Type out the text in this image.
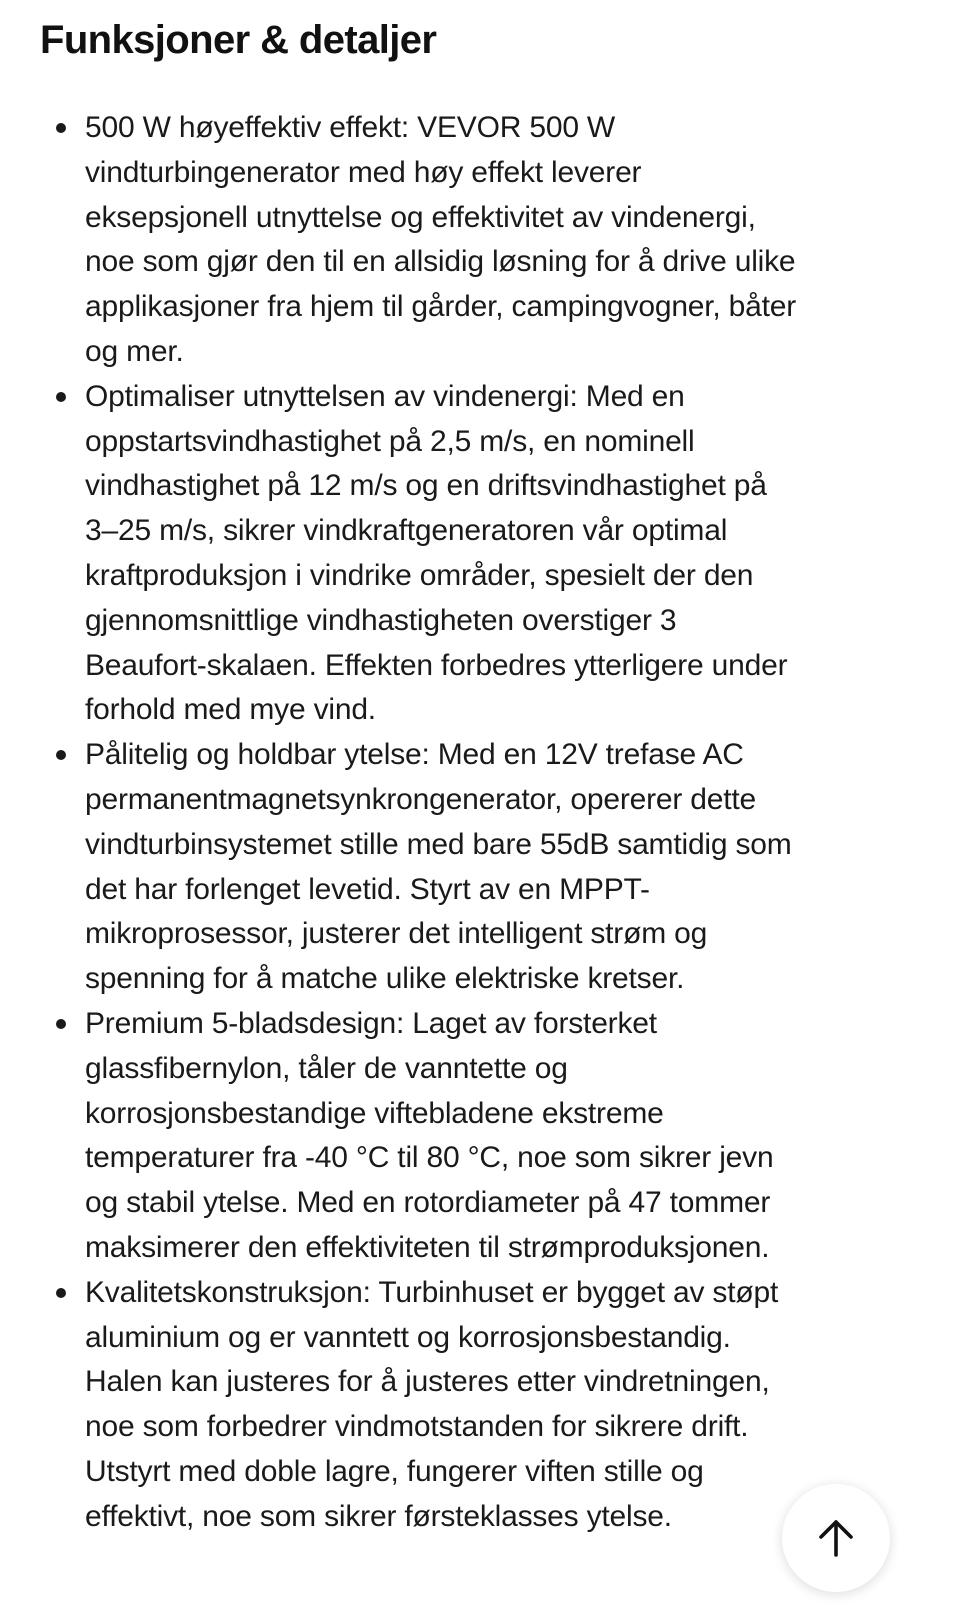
Funksjoner & detaljer
500 W høyeffektiv effekt: VEVOR 500 W
vindturbingenerator med høy effekt leverer
eksepsjonell utnyttelse og effektivitet av vindenergi,
noe som gjør den til en allsidig løsning for å drive ulike
applikasjoner fra hjem til gårder, campingvogner, båter
og mer.
Optimaliser utnyttelsen av vindenergi: Med en
oppstartsvindhastighet på 2,5 m/s, en nominell
vindhastighet på 12 m/s og en driftsvindhastighet på
3–25 m/s, sikrer vindkraftgeneratoren vår optimal
kraftproduksjon i vindrike områder, spesielt der den
gjennomsnittlige vindhastigheten overstiger 3
Beaufort-skalaen. Effekten forbedres ytterligere under
forhold med mye vind.
Pålitelig og holdbar ytelse: Med en 12V trefase AC
permanentmagnetsynkrongenerator, opererer dette
vindturbinsystemet stille med bare 55dB samtidig som
det har forlenget levetid. Styrt av en MPPT-
mikroprosessor, justerer det intelligent strøm og
spenning for å matche ulike elektriske kretser.
Premium 5-bladsdesign: Laget av forsterket
glassfibernylon, tåler de vanntette og
korrosjonsbestandige viftebladene ekstreme
temperaturer fra -40 °C til 80 °C, noe som sikrer jevn
og stabil ytelse. Med en rotordiameter på 47 tommer
maksimerer den effektiviteten til strømproduksjonen.
Kvalitetskonstruksjon: Turbinhuset er bygget av støpt
aluminium og er vanntett og korrosjonsbestandig.
Halen kan justeres for å justeres etter vindretningen,
noe som forbedrer vindmotstanden for sikrere drift.
Utstyrt med doble lagre, fungerer viften stille og
effektivt, noe som sikrer førsteklasses ytelse.
